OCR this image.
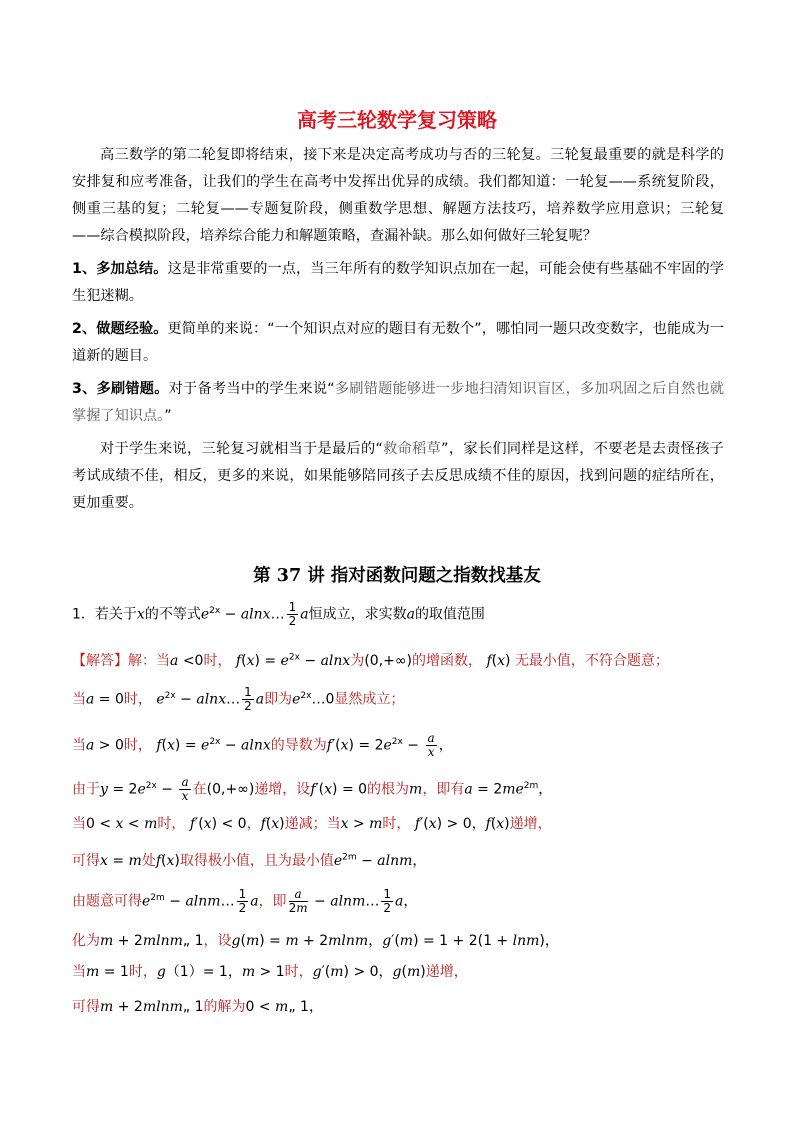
高考三轮数学复习策略

高三数学的第二轮复即将结束，接下来是决定高考成功与否的三轮复。三轮复最重要的就是科学的安排复和应考准备，让我们的学生在高考中发挥出优异的成绩。我们都知道：一轮复——系统复阶段，侧重三基的复；二轮复——专题复阶段，侧重数学思想、解题方法技巧，培养数学应用意识；三轮复——综合模拟阶段，培养综合能力和解题策略，查漏补缺。那么如何做好三轮复呢？

1、多加总结。这是非常重要的一点，当三年所有的数学知识点加在一起，可能会使有些基础不牢固的学生犯迷糊。

2、做题经验。更简单的来说：“一个知识点对应的题目有无数个”，哪怕同一题只改变数字，也能成为一道新的题目。

3、多刷错题。对于备考当中的学生来说“多刷错题能够进一步地扫清知识盲区，多加巩固之后自然也就掌握了知识点。”

对于学生来说，三轮复习就相当于是最后的“救命稻草”，家长们同样是这样，不要老是去责怪孩子考试成绩不佳，相反，更多的来说，如果能够陪同孩子去反思成绩不佳的原因，找到问题的症结所在，更加重要。

第 37 讲 指对函数问题之指数找基友
1．若关于x的不等式$e^{2x}$ − alnx… $\frac{1}{2}$ a恒成立，求实数a的取值范围
【解答】解：当a <0时， $f(x) = e^{2x} - alnx$为(0,+∞)的增函数， f(x) 无最小值，不符合题意；
当a = 0时， $e^{2x}$ − alnx… $\frac{1}{2}$ a即为$e^{2x}\dots 0$显然成立；
当a > 0时， $f(x) = e^{2x} - alnx$的导数为$f'(x) = 2e^{2x} - \frac{a}{x}$ ，
由于$y = 2e^{2x} - \frac{a}{x}$ 在(0,+∞)递增，设f′(x) = 0的根为m，即有$a = 2me^{2m}$，
当0 < x < m时， f′(x) < 0，f(x)递减；当x > m时， f′(x) > 0，f(x)递增，
可得x = m处f(x)取得极小值，且为最小值$e^{2m} - alnm$，
由题意可得$e^{2m}$ − alnm… $\frac{1}{2}$ a，即 $\frac{a}{2m}$ − alnm… $\frac{1}{2}$ a，
化为m + 2mlnm„ 1，设g(m) = m + 2mlnm，g′(m) = 1 + 2(1 + lnm)，
当m = 1时，g（1）= 1，m > 1时，g′(m) > 0，g(m)递增，
可得m + 2mlnm„ 1的解为0 < m„ 1，
